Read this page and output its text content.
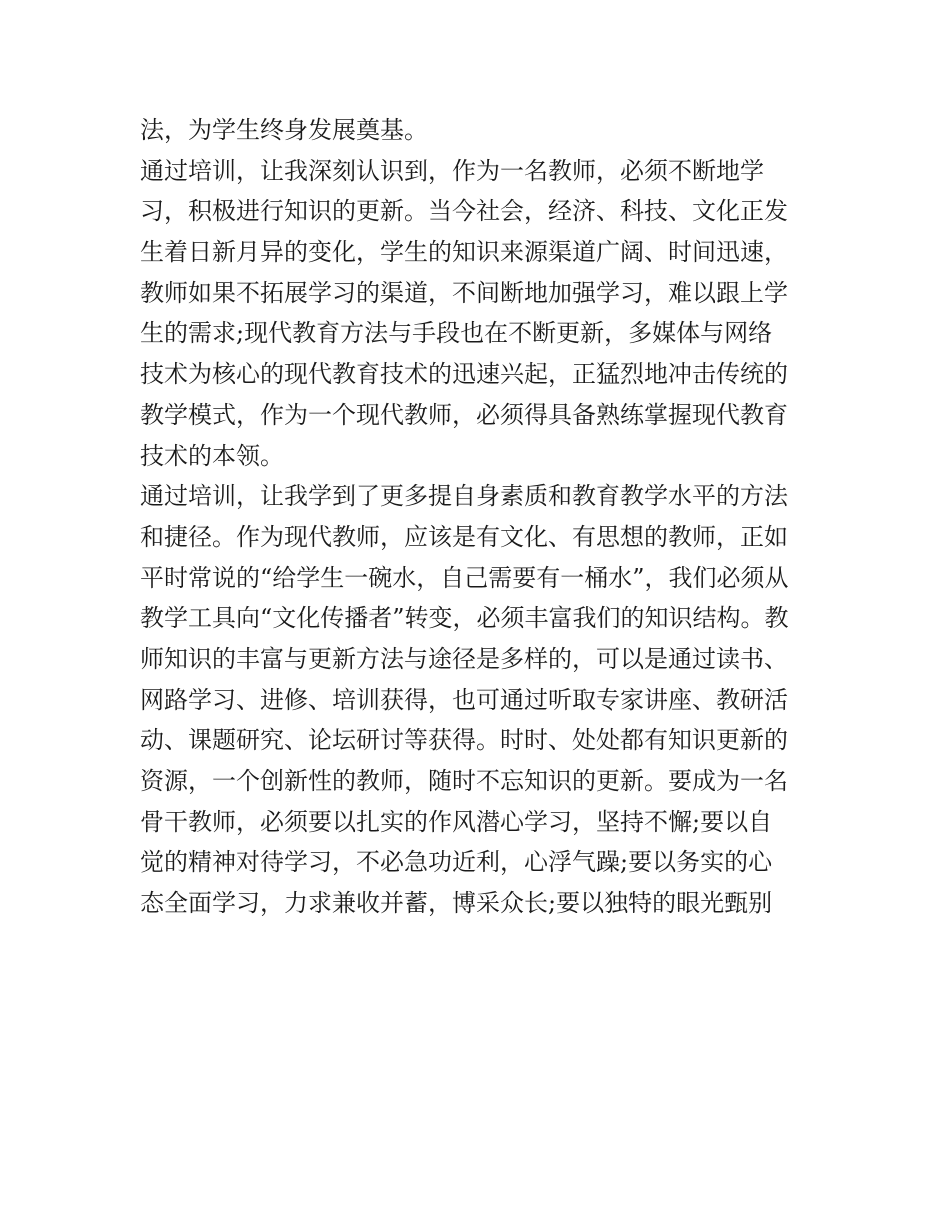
法，为学生终身发展奠基。
通过培训，让我深刻认识到，作为一名教师，必须不断地学
习，积极进行知识的更新。当今社会，经济、科技、文化正发
生着日新月异的变化，学生的知识来源渠道广阔、时间迅速，
教师如果不拓展学习的渠道，不间断地加强学习，难以跟上学
生的需求;现代教育方法与手段也在不断更新，多媒体与网络
技术为核心的现代教育技术的迅速兴起，正猛烈地冲击传统的
教学模式，作为一个现代教师，必须得具备熟练掌握现代教育
技术的本领。
通过培训，让我学到了更多提自身素质和教育教学水平的方法
和捷径。作为现代教师，应该是有文化、有思想的教师，正如
平时常说的“给学生一碗水，自己需要有一桶水”，我们必须从
教学工具向“文化传播者”转变，必须丰富我们的知识结构。教
师知识的丰富与更新方法与途径是多样的，可以是通过读书、
网路学习、进修、培训获得，也可通过听取专家讲座、教研活
动、课题研究、论坛研讨等获得。时时、处处都有知识更新的
资源，一个创新性的教师，随时不忘知识的更新。要成为一名
骨干教师，必须要以扎实的作风潜心学习，坚持不懈;要以自
觉的精神对待学习，不必急功近利，心浮气躁;要以务实的心
态全面学习，力求兼收并蓄，博采众长;要以独特的眼光甄别
